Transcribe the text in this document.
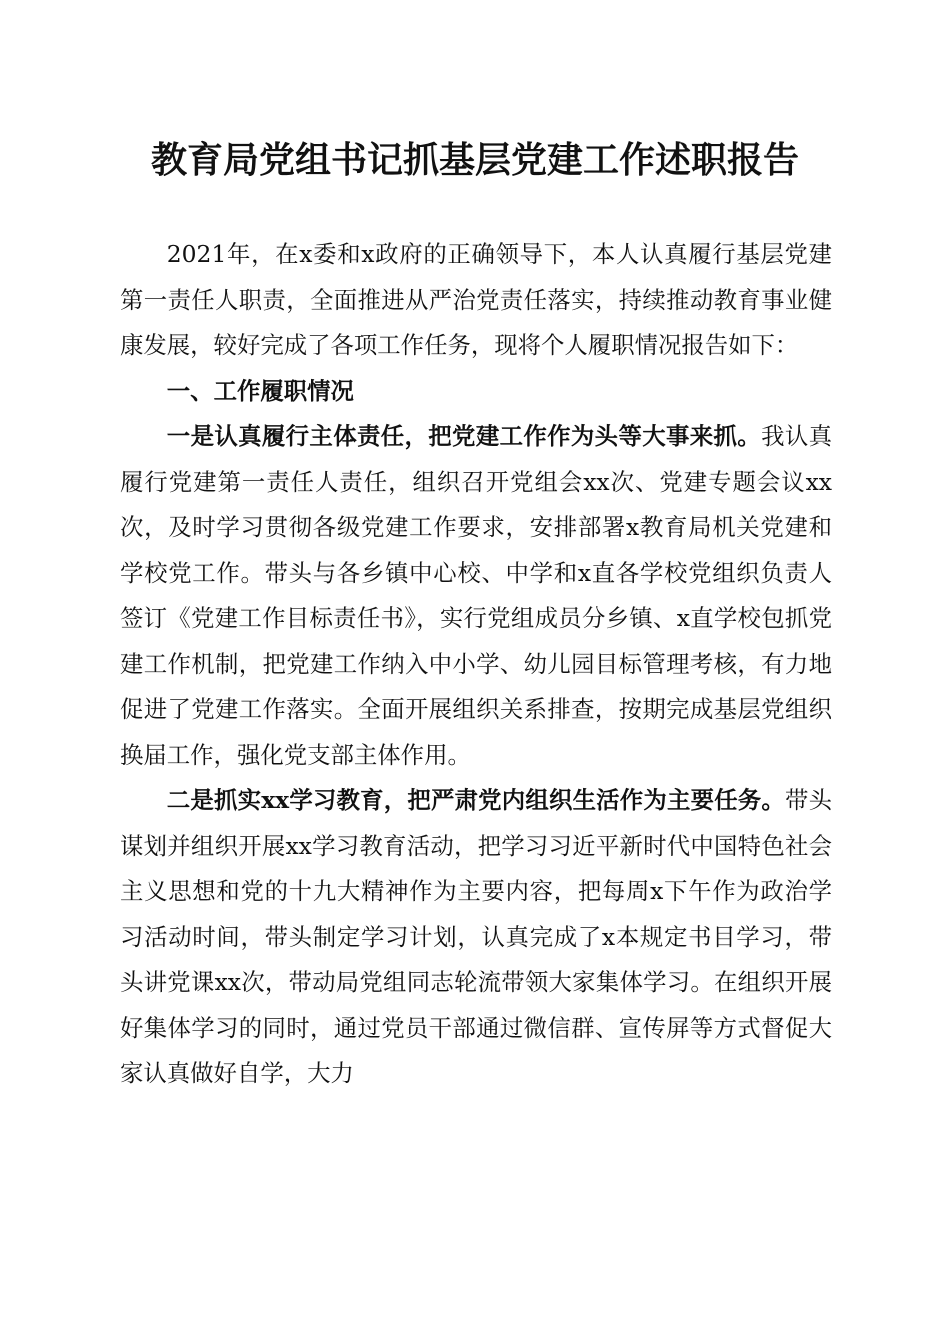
教育局党组书记抓基层党建工作述职报告

2021年，在x委和x政府的正确领导下，本人认真履行基层党建第一责任人职责，全面推进从严治党责任落实，持续推动教育事业健康发展，较好完成了各项工作任务，现将个人履职情况报告如下：

一、工作履职情况

一是认真履行主体责任，把党建工作作为头等大事来抓。我认真履行党建第一责任人责任，组织召开党组会xx次、党建专题会议xx次，及时学习贯彻各级党建工作要求，安排部署x教育局机关党建和学校党工作。带头与各乡镇中心校、中学和x直各学校党组织负责人签订《党建工作目标责任书》，实行党组成员分乡镇、x直学校包抓党建工作机制，把党建工作纳入中小学、幼儿园目标管理考核，有力地促进了党建工作落实。全面开展组织关系排查，按期完成基层党组织换届工作，强化党支部主体作用。

二是抓实xx学习教育，把严肃党内组织生活作为主要任务。带头谋划并组织开展xx学习教育活动，把学习习近平新时代中国特色社会主义思想和党的十九大精神作为主要内容，把每周x下午作为政治学习活动时间，带头制定学习计划，认真完成了x本规定书目学习，带头讲党课xx次，带动局党组同志轮流带领大家集体学习。在组织开展好集体学习的同时，通过党员干部通过微信群、宣传屏等方式督促大家认真做好自学，大力
